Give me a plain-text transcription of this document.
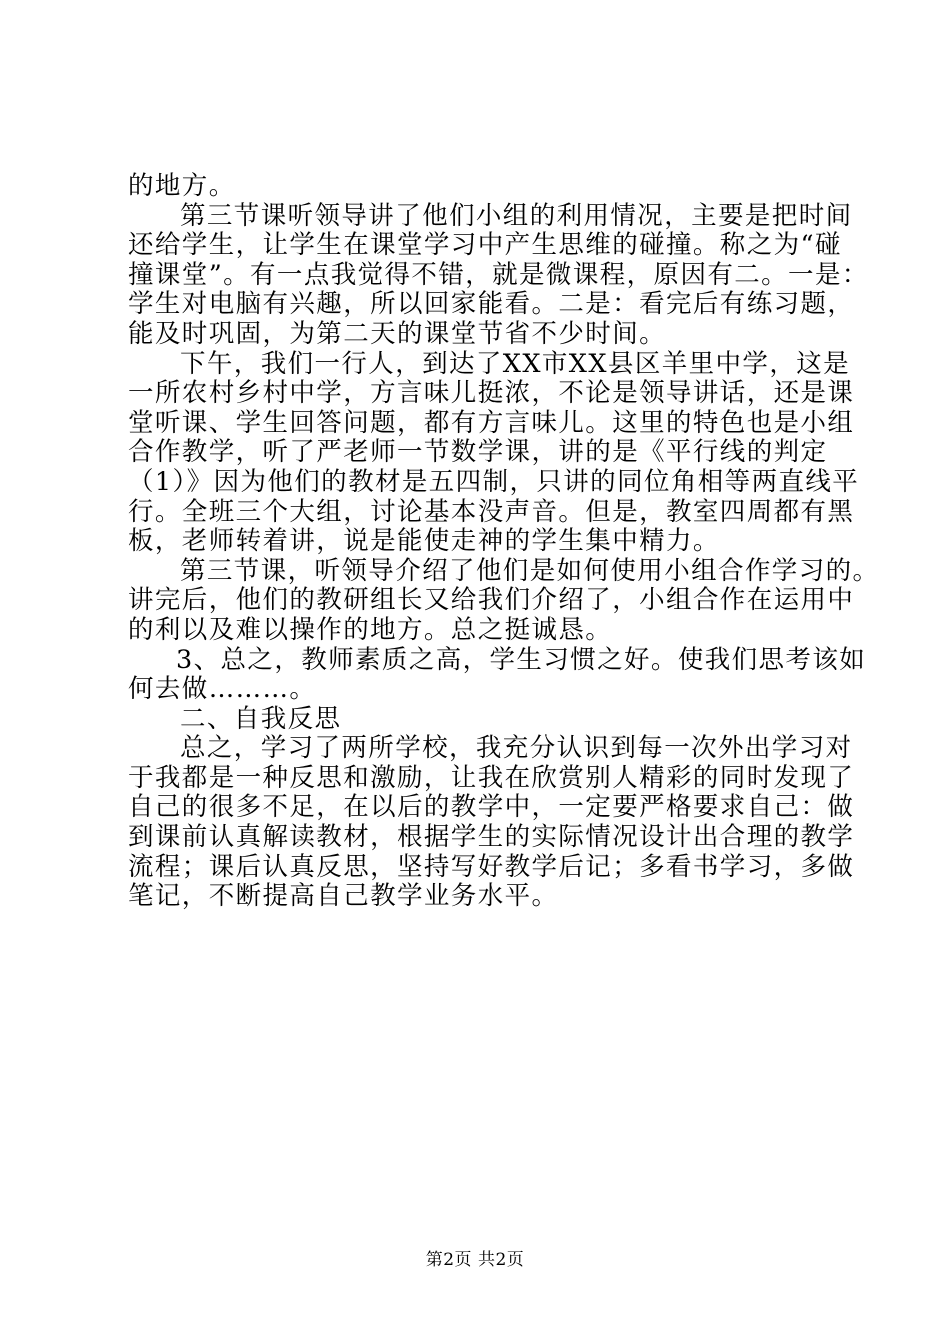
的地方。
第三节课听领导讲了他们小组的利用情况，主要是把时间
还给学生，让学生在课堂学习中产生思维的碰撞。称之为“碰
撞课堂”。有一点我觉得不错，就是微课程，原因有二。一是：
学生对电脑有兴趣，所以回家能看。二是：看完后有练习题，
能及时巩固，为第二天的课堂节省不少时间。
下午，我们一行人，到达了XX市XX县区羊里中学，这是
一所农村乡村中学，方言味儿挺浓，不论是领导讲话，还是课
堂听课、学生回答问题，都有方言味儿。这里的特色也是小组
合作教学，听了严老师一节数学课，讲的是《平行线的判定
（1）》因为他们的教材是五四制，只讲的同位角相等两直线平
行。全班三个大组，讨论基本没声音。但是，教室四周都有黑
板，老师转着讲，说是能使走神的学生集中精力。
第三节课，听领导介绍了他们是如何使用小组合作学习的。
讲完后，他们的教研组长又给我们介绍了，小组合作在运用中
的利以及难以操作的地方。总之挺诚恳。
3、总之，教师素质之高，学生习惯之好。使我们思考该如
何去做………。
二、自我反思
总之，学习了两所学校，我充分认识到每一次外出学习对
于我都是一种反思和激励，让我在欣赏别人精彩的同时发现了
自己的很多不足，在以后的教学中，一定要严格要求自己：做
到课前认真解读教材，根据学生的实际情况设计出合理的教学
流程；课后认真反思，坚持写好教学后记；多看书学习，多做
笔记，不断提高自己教学业务水平。
第2页 共2页
